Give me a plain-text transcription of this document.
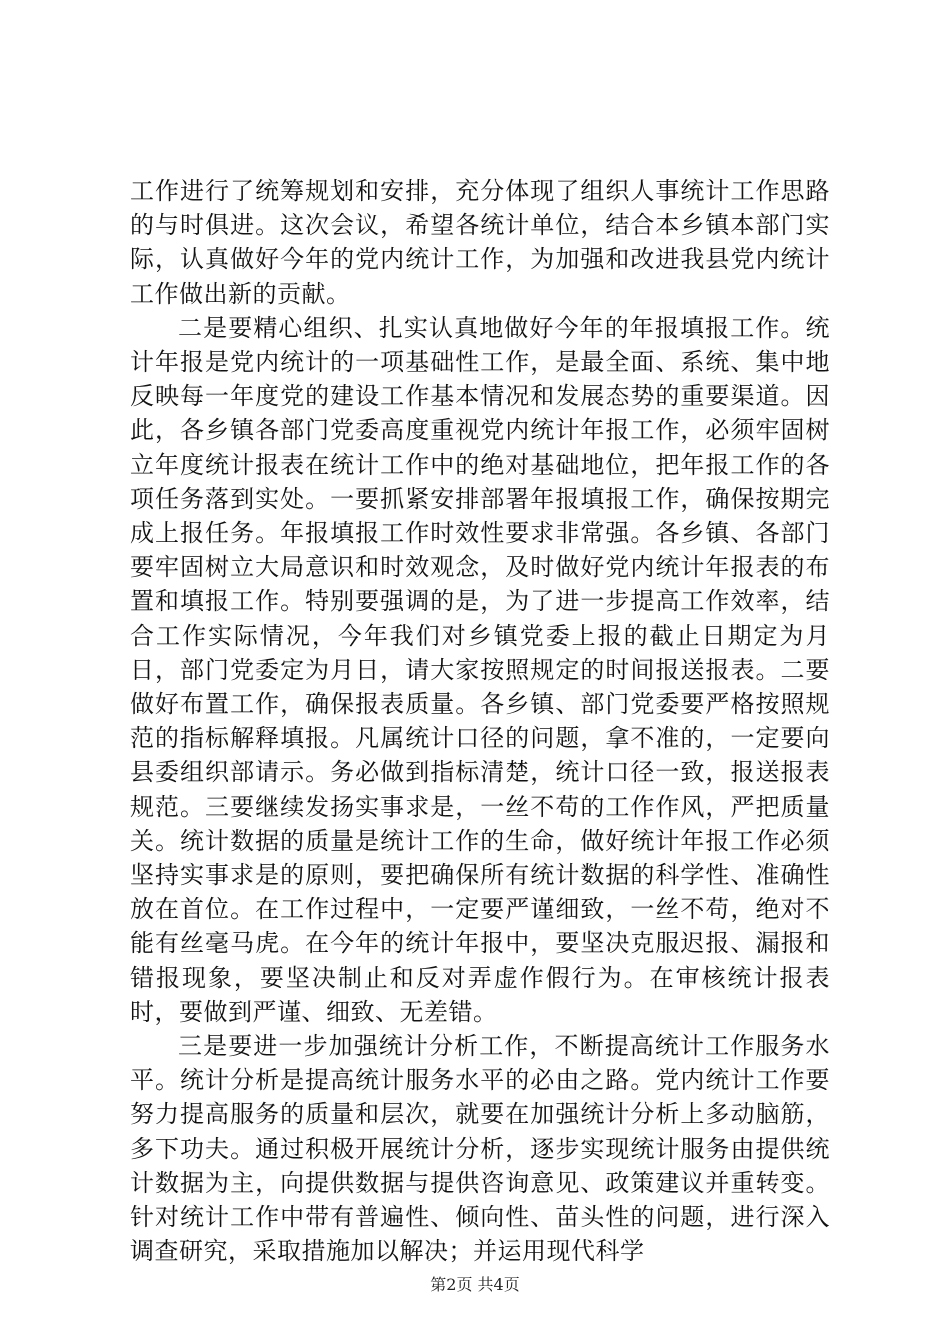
工作进行了统筹规划和安排，充分体现了组织人事统计工作思路的与时俱进。这次会议，希望各统计单位，结合本乡镇本部门实际，认真做好今年的党内统计工作，为加强和改进我县党内统计工作做出新的贡献。

二是要精心组织、扎实认真地做好今年的年报填报工作。统计年报是党内统计的一项基础性工作，是最全面、系统、集中地反映每一年度党的建设工作基本情况和发展态势的重要渠道。因此，各乡镇各部门党委高度重视党内统计年报工作，必须牢固树立年度统计报表在统计工作中的绝对基础地位，把年报工作的各项任务落到实处。一要抓紧安排部署年报填报工作，确保按期完成上报任务。年报填报工作时效性要求非常强。各乡镇、各部门要牢固树立大局意识和时效观念，及时做好党内统计年报表的布置和填报工作。特别要强调的是，为了进一步提高工作效率，结合工作实际情况，今年我们对乡镇党委上报的截止日期定为月日，部门党委定为月日，请大家按照规定的时间报送报表。二要做好布置工作，确保报表质量。各乡镇、部门党委要严格按照规范的指标解释填报。凡属统计口径的问题，拿不准的，一定要向县委组织部请示。务必做到指标清楚，统计口径一致，报送报表规范。三要继续发扬实事求是，一丝不苟的工作作风，严把质量关。统计数据的质量是统计工作的生命，做好统计年报工作必须坚持实事求是的原则，要把确保所有统计数据的科学性、准确性放在首位。在工作过程中，一定要严谨细致，一丝不苟，绝对不能有丝毫马虎。在今年的统计年报中，要坚决克服迟报、漏报和错报现象，要坚决制止和反对弄虚作假行为。在审核统计报表时，要做到严谨、细致、无差错。

三是要进一步加强统计分析工作，不断提高统计工作服务水平。统计分析是提高统计服务水平的必由之路。党内统计工作要努力提高服务的质量和层次，就要在加强统计分析上多动脑筋，多下功夫。通过积极开展统计分析，逐步实现统计服务由提供统计数据为主，向提供数据与提供咨询意见、政策建议并重转变。针对统计工作中带有普遍性、倾向性、苗头性的问题，进行深入调查研究，采取措施加以解决；并运用现代科学

第2页 共4页
